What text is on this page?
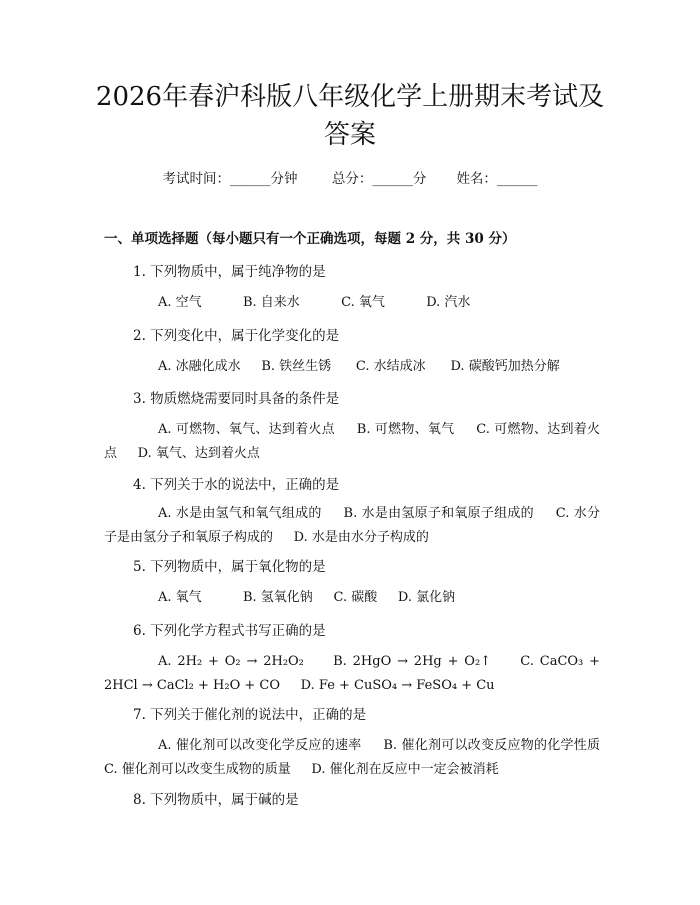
2026年春沪科版八年级化学上册期末考试及答案
考试时间：______分钟	总分：______分 姓名：______
一、单项选择题（每小题只有一个正确选项，每题 2 分，共 30 分）
1. 下列物质中，属于纯净物的是
A. 空气          B. 自来水          C. 氧气          D. 汽水
2. 下列变化中，属于化学变化的是
A. 冰融化成水     B. 铁丝生锈      C. 水结成冰      D. 碳酸钙加热分解
3. 物质燃烧需要同时具备的条件是
A. 可燃物、氧气、达到着火点     B. 可燃物、氧气     C. 可燃物、达到着火点     D. 氧气、达到着火点
4. 下列关于水的说法中，正确的是
A. 水是由氢气和氧气组成的     B. 水是由氢原子和氧原子组成的     C. 水分子是由氢分子和氧原子构成的     D. 水是由水分子构成的
5. 下列物质中，属于氧化物的是
A. 氧气          B. 氢氧化钠     C. 碳酸     D. 氯化钠
6. 下列化学方程式书写正确的是
A. 2H₂ + O₂ → 2H₂O₂     B. 2HgO → 2Hg + O₂↑     C. CaCO₃ + 2HCl → CaCl₂ + H₂O + CO     D. Fe + CuSO₄ → FeSO₄ + Cu
7. 下列关于催化剂的说法中，正确的是
A. 催化剂可以改变化学反应的速率     B. 催化剂可以改变反应物的化学性质     C. 催化剂可以改变生成物的质量     D. 催化剂在反应中一定会被消耗
8. 下列物质中，属于碱的是
